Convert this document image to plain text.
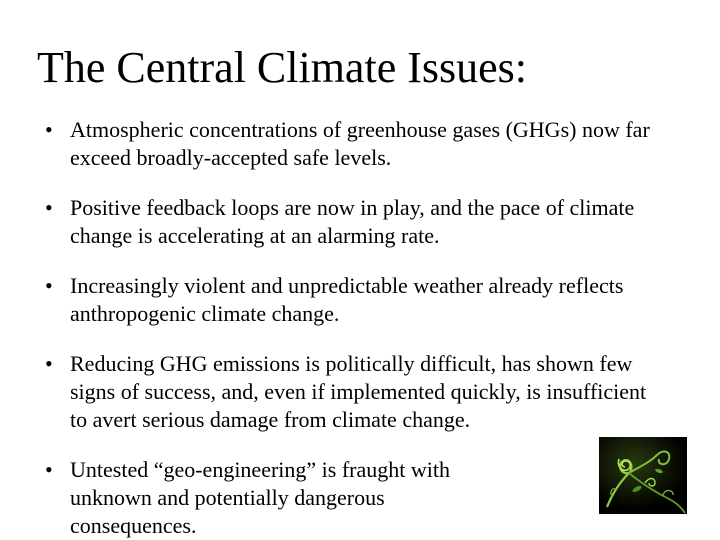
The Central Climate Issues:
• Atmospheric concentrations of greenhouse gases (GHGs) now far exceed broadly-accepted safe levels.
• Positive feedback loops are now in play, and the pace of climate change is accelerating at an alarming rate.
• Increasingly violent and unpredictable weather already reflects anthropogenic climate change.
• Reducing GHG emissions is politically difficult, has shown few signs of success, and, even if implemented quickly, is insufficient to avert serious damage from climate change.
• Untested “geo-engineering” is fraught with unknown and potentially dangerous consequences.
